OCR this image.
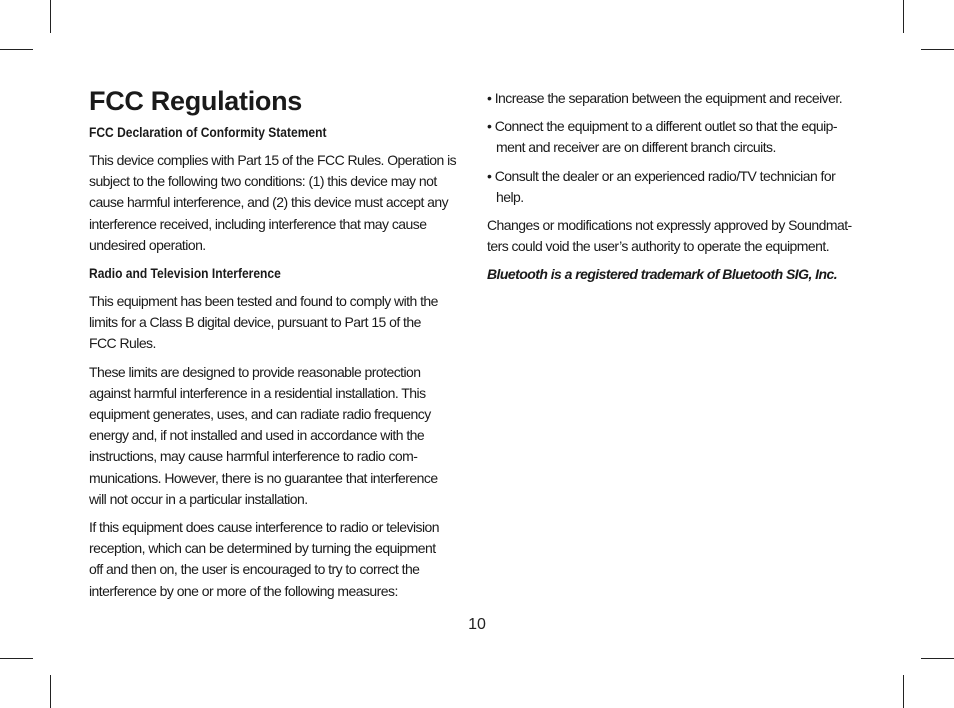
FCC Regulations
FCC Declaration of Conformity Statement

This device complies with Part 15 of the FCC Rules. Operation is
subject to the following two conditions: (1) this device may not
cause harmful interference, and (2) this device must accept any
interference received, including interference that may cause
undesired operation.

Radio and Television Interference

This equipment has been tested and found to comply with the
limits for a Class B digital device, pursuant to Part 15 of the
FCC Rules.

These limits are designed to provide reasonable protection
against harmful interference in a residential installation. This
equipment generates, uses, and can radiate radio frequency
energy and, if not installed and used in accordance with the
instructions, may cause harmful interference to radio com-
munications. However, there is no guarantee that interference
will not occur in a particular installation.

If this equipment does cause interference to radio or television
reception, which can be determined by turning the equipment
off and then on, the user is encouraged to try to correct the
interference by one or more of the following measures:

• Increase the separation between the equipment and receiver.

• Connect the equipment to a different outlet so that the equip-
ment and receiver are on different branch circuits.

• Consult the dealer or an experienced radio/TV technician for
help.

Changes or modifications not expressly approved by Soundmat-
ters could void the user’s authority to operate the equipment.

Bluetooth is a registered trademark of Bluetooth SIG, Inc.

10
